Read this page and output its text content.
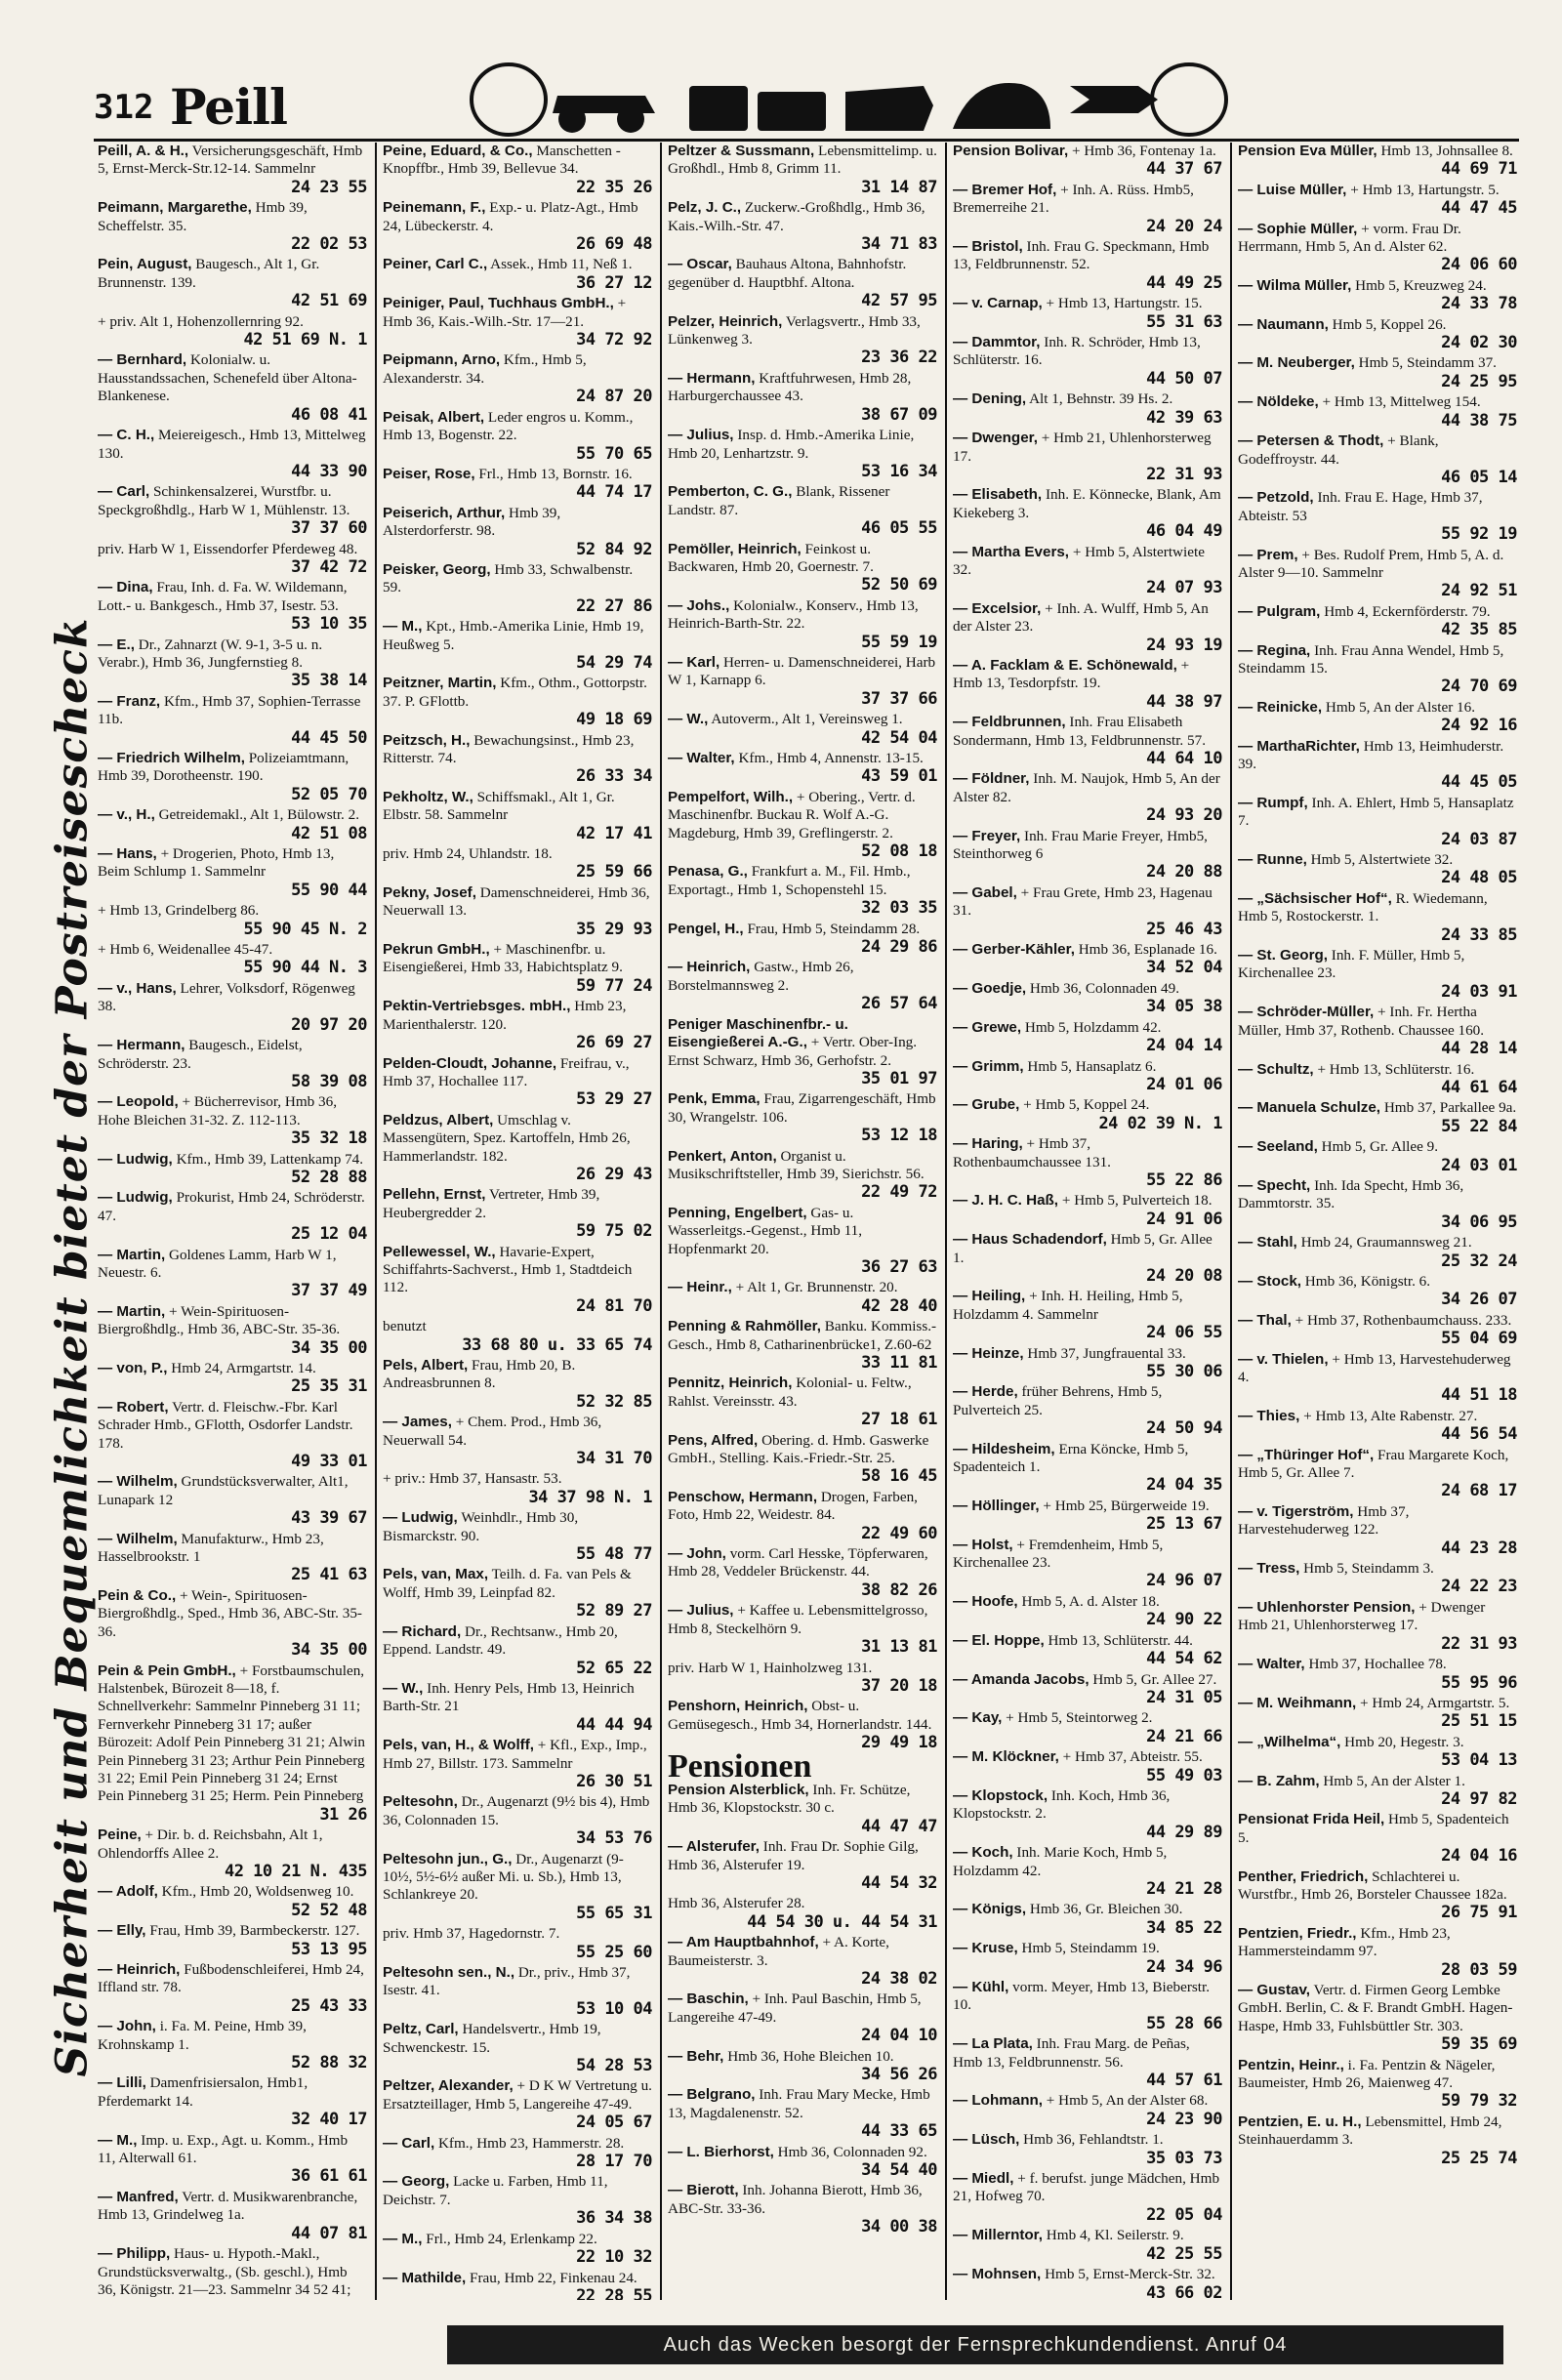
312 Peill
Sicherheit und Bequemlichkeit bietet der Postreisescheck
Peill, A. & H., Versicherungsgeschäft, Hmb 5, Ernst-Merck-Str.12-14. Sammelnr
24 23 55
Peimann, Margarethe, Hmb 39, Scheffelstr. 35.
22 02 53
Pein, August, Baugesch., Alt 1, Gr. Brunnenstr. 139.
42 51 69
+ priv. Alt 1, Hohenzollernring 92.
42 51 69 N. 1
— Bernhard, Kolonialw. u. Hausstandssachen, Schenefeld über Altona-Blankenese.
46 08 41
— C. H., Meiereigesch., Hmb 13, Mittelweg 130.
44 33 90
— Carl, Schinkensalzerei, Wurstfbr. u. Speckgroßhdlg., Harb W 1, Mühlenstr. 13.
37 37 60
priv. Harb W 1, Eissendorfer Pferdeweg 48.
37 42 72
— Dina, Frau, Inh. d. Fa. W. Wildemann, Lott.- u. Bankgesch., Hmb 37, Isestr. 53.
53 10 35
— E., Dr., Zahnarzt (W. 9-1, 3-5 u. n. Verabr.), Hmb 36, Jungfernstieg 8.
35 38 14
— Franz, Kfm., Hmb 37, Sophien-Terrasse 11b.
44 45 50
— Friedrich Wilhelm, Polizeiamtmann, Hmb 39, Dorotheenstr. 190.
52 05 70
— v., H., Getreidemakl., Alt 1, Bülowstr. 2.
42 51 08
— Hans, + Drogerien, Photo, Hmb 13, Beim Schlump 1. Sammelnr
55 90 44
+ Hmb 13, Grindelberg 86.
55 90 45 N. 2
+ Hmb 6, Weidenallee 45-47.
55 90 44 N. 3
— v., Hans, Lehrer, Volksdorf, Rögenweg 38.
20 97 20
— Hermann, Baugesch., Eidelst, Schröderstr. 23.
58 39 08
— Leopold, + Bücherrevisor, Hmb 36, Hohe Bleichen 31-32. Z. 112-113.
35 32 18
— Ludwig, Kfm., Hmb 39, Lattenkamp 74.
52 28 88
— Ludwig, Prokurist, Hmb 24, Schröderstr. 47.
25 12 04
— Martin, Goldenes Lamm, Harb W 1, Neuestr. 6.
37 37 49
— Martin, + Wein-Spirituosen-Biergroßhdlg., Hmb 36, ABC-Str. 35-36.
34 35 00
— von, P., Hmb 24, Armgartstr. 14.
25 35 31
— Robert, Vertr. d. Fleischw.-Fbr. Karl Schrader Hmb., GFlotth, Osdorfer Landstr. 178.
49 33 01
— Wilhelm, Grundstücksverwalter, Alt1, Lunapark 12
43 39 67
— Wilhelm, Manufakturw., Hmb 23, Hasselbrookstr. 1
25 41 63
Pein & Co., + Wein-, Spirituosen-Biergroßhdlg., Sped., Hmb 36, ABC-Str. 35-36.
34 35 00
Pein & Pein GmbH., + Forstbaumschulen, Halstenbek, Bürozeit 8—18, f. Schnellverkehr: Sammelnr Pinneberg 31 11; Fernverkehr Pinneberg 31 17; außer Bürozeit: Adolf Pein Pinneberg 31 21; Alwin Pein Pinneberg 31 23; Arthur Pein Pinneberg 31 22; Emil Pein Pinneberg 31 24; Ernst Pein Pinneberg 31 25; Herm. Pein Pinneberg
31 26
Peine, + Dir. b. d. Reichsbahn, Alt 1, Ohlendorffs Allee 2.
42 10 21 N. 435
— Adolf, Kfm., Hmb 20, Woldsenweg 10.
52 52 48
— Elly, Frau, Hmb 39, Barmbeckerstr. 127.
53 13 95
— Heinrich, Fußbodenschleiferei, Hmb 24, Iffland str. 78.
25 43 33
— John, i. Fa. M. Peine, Hmb 39, Krohnskamp 1.
52 88 32
— Lilli, Damenfrisiersalon, Hmb1, Pferdemarkt 14.
32 40 17
— M., Imp. u. Exp., Agt. u. Komm., Hmb 11, Alterwall 61.
36 61 61
— Manfred, Vertr. d. Musikwarenbranche, Hmb 13, Grindelweg 1a.
44 07 81
— Philipp, Haus- u. Hypoth.-Makl., Grundstücksverwaltg., (Sb. geschl.), Hmb 36, Königstr. 21—23. Sammelnr 34 52 41;
Peine, Eduard, & Co., Manschetten - Knopffbr., Hmb 39, Bellevue 34.
22 35 26
Peinemann, F., Exp.- u. Platz-Agt., Hmb 24, Lübeckerstr. 4.
26 69 48
Peiner, Carl C., Assek., Hmb 11, Neß 1.
36 27 12
Peiniger, Paul, Tuchhaus GmbH., + Hmb 36, Kais.-Wilh.-Str. 17—21.
34 72 92
Peipmann, Arno, Kfm., Hmb 5, Alexanderstr. 34.
24 87 20
Peisak, Albert, Leder engros u. Komm., Hmb 13, Bogenstr. 22.
55 70 65
Peiser, Rose, Frl., Hmb 13, Bornstr. 16.
44 74 17
Peiserich, Arthur, Hmb 39, Alsterdorferstr. 98.
52 84 92
Peisker, Georg, Hmb 33, Schwalbenstr. 59.
22 27 86
— M., Kpt., Hmb.-Amerika Linie, Hmb 19, Heußweg 5.
54 29 74
Peitzner, Martin, Kfm., Othm., Gottorpstr. 37. P. GFlottb.
49 18 69
Peitzsch, H., Bewachungsinst., Hmb 23, Ritterstr. 74.
26 33 34
Pekholtz, W., Schiffsmakl., Alt 1, Gr. Elbstr. 58. Sammelnr
42 17 41
priv. Hmb 24, Uhlandstr. 18.
25 59 66
Pekny, Josef, Damenschneiderei, Hmb 36, Neuerwall 13.
35 29 93
Pekrun GmbH., + Maschinenfbr. u. Eisengießerei, Hmb 33, Habichtsplatz 9.
59 77 24
Pektin-Vertriebsges. mbH., Hmb 23, Marienthalerstr. 120.
26 69 27
Pelden-Cloudt, Johanne, Freifrau, v., Hmb 37, Hochallee 117.
53 29 27
Peldzus, Albert, Umschlag v. Massengütern, Spez. Kartoffeln, Hmb 26, Hammerlandstr. 182.
26 29 43
Pellehn, Ernst, Vertreter, Hmb 39, Heubergredder 2.
59 75 02
Pellewessel, W., Havarie-Expert, Schiffahrts-Sachverst., Hmb 1, Stadtdeich 112.
24 81 70
benutzt
33 68 80 u. 33 65 74
Pels, Albert, Frau, Hmb 20, B. Andreasbrunnen 8.
52 32 85
— James, + Chem. Prod., Hmb 36, Neuerwall 54.
34 31 70
+ priv.: Hmb 37, Hansastr. 53.
34 37 98 N. 1
— Ludwig, Weinhdlr., Hmb 30, Bismarckstr. 90.
55 48 77
Pels, van, Max, Teilh. d. Fa. van Pels & Wolff, Hmb 39, Leinpfad 82.
52 89 27
— Richard, Dr., Rechtsanw., Hmb 20, Eppend. Landstr. 49.
52 65 22
— W., Inh. Henry Pels, Hmb 13, Heinrich Barth-Str. 21
44 44 94
Pels, van, H., & Wolff, + Kfl., Exp., Imp., Hmb 27, Billstr. 173. Sammelnr
26 30 51
Peltesohn, Dr., Augenarzt (9½ bis 4), Hmb 36, Colonnaden 15.
34 53 76
Peltesohn jun., G., Dr., Augenarzt (9-10½, 5½-6½ außer Mi. u. Sb.), Hmb 13, Schlankreye 20.
55 65 31
priv. Hmb 37, Hagedornstr. 7.
55 25 60
Peltesohn sen., N., Dr., priv., Hmb 37, Isestr. 41.
53 10 04
Peltz, Carl, Handelsvertr., Hmb 19, Schwenckestr. 15.
54 28 53
Peltzer, Alexander, + D K W Vertretung u. Ersatzteillager, Hmb 5, Langereihe 47-49.
24 05 67
— Carl, Kfm., Hmb 23, Hammerstr. 28.
28 17 70
— Georg, Lacke u. Farben, Hmb 11, Deichstr. 7.
36 34 38
— M., Frl., Hmb 24, Erlenkamp 22.
22 10 32
— Mathilde, Frau, Hmb 22, Finkenau 24.
22 28 55
Peltzer & Sussmann, Lebensmittelimp. u. Großhdl., Hmb 8, Grimm 11.
31 14 87
Pelz, J. C., Zuckerw.-Großhdlg., Hmb 36, Kais.-Wilh.-Str. 47.
34 71 83
— Oscar, Bauhaus Altona, Bahnhofstr. gegenüber d. Hauptbhf. Altona.
42 57 95
Pelzer, Heinrich, Verlagsvertr., Hmb 33, Lünkenweg 3.
23 36 22
— Hermann, Kraftfuhrwesen, Hmb 28, Harburgerchaussee 43.
38 67 09
— Julius, Insp. d. Hmb.-Amerika Linie, Hmb 20, Lenhartzstr. 9.
53 16 34
Pemberton, C. G., Blank, Rissener Landstr. 87.
46 05 55
Pemöller, Heinrich, Feinkost u. Backwaren, Hmb 20, Goernestr. 7.
52 50 69
— Johs., Kolonialw., Konserv., Hmb 13, Heinrich-Barth-Str. 22.
55 59 19
— Karl, Herren- u. Damenschneiderei, Harb W 1, Karnapp 6.
37 37 66
— W., Autoverm., Alt 1, Vereinsweg 1.
42 54 04
— Walter, Kfm., Hmb 4, Annenstr. 13-15.
43 59 01
Pempelfort, Wilh., + Obering., Vertr. d. Maschinenfbr. Buckau R. Wolf A.-G. Magdeburg, Hmb 39, Greflingerstr. 2.
52 08 18
Penasa, G., Frankfurt a. M., Fil. Hmb., Exportagt., Hmb 1, Schopenstehl 15.
32 03 35
Pengel, H., Frau, Hmb 5, Steindamm 28.
24 29 86
— Heinrich, Gastw., Hmb 26, Borstelmannsweg 2.
26 57 64
Peniger Maschinenfbr.- u. Eisengießerei A.-G., + Vertr. Ober-Ing. Ernst Schwarz, Hmb 36, Gerhofstr. 2.
35 01 97
Penk, Emma, Frau, Zigarrengeschäft, Hmb 30, Wrangelstr. 106.
53 12 18
Penkert, Anton, Organist u. Musikschriftsteller, Hmb 39, Sierichstr. 56.
22 49 72
Penning, Engelbert, Gas- u. Wasserleitgs.-Gegenst., Hmb 11, Hopfenmarkt 20.
36 27 63
— Heinr., + Alt 1, Gr. Brunnenstr. 20.
42 28 40
Penning & Rahmöller, Banku. Kommiss.-Gesch., Hmb 8, Catharinenbrücke1, Z.60-62
33 11 81
Pennitz, Heinrich, Kolonial- u. Feltw., Rahlst. Vereinsstr. 43.
27 18 61
Pens, Alfred, Obering. d. Hmb. Gaswerke GmbH., Stelling. Kais.-Friedr.-Str. 25.
58 16 45
Penschow, Hermann, Drogen, Farben, Foto, Hmb 22, Weidestr. 84.
22 49 60
— John, vorm. Carl Hesske, Töpferwaren, Hmb 28, Veddeler Brückenstr. 44.
38 82 26
— Julius, + Kaffee u. Lebensmittelgrosso, Hmb 8, Steckelhörn 9.
31 13 81
priv. Harb W 1, Hainholzweg 131.
37 20 18
Penshorn, Heinrich, Obst- u. Gemüsegesch., Hmb 34, Hornerlandstr. 144.
29 49 18
Pensionen
Pension Alsterblick, Inh. Fr. Schütze, Hmb 36, Klopstockstr. 30 c.
44 47 47
— Alsterufer, Inh. Frau Dr. Sophie Gilg, Hmb 36, Alsterufer 19.
44 54 32
Hmb 36, Alsterufer 28.
44 54 30 u. 44 54 31
— Am Hauptbahnhof, + A. Korte, Baumeisterstr. 3.
24 38 02
— Baschin, + Inh. Paul Baschin, Hmb 5, Langereihe 47-49.
24 04 10
— Behr, Hmb 36, Hohe Bleichen 10.
34 56 26
— Belgrano, Inh. Frau Mary Mecke, Hmb 13, Magdalenenstr. 52.
44 33 65
— L. Bierhorst, Hmb 36, Colonnaden 92.
34 54 40
— Bierott, Inh. Johanna Bierott, Hmb 36, ABC-Str. 33-36.
34 00 38
Pension Bolivar, + Hmb 36, Fontenay 1a.
44 37 67
— Bremer Hof, + Inh. A. Rüss. Hmb5, Bremerreihe 21.
24 20 24
— Bristol, Inh. Frau G. Speckmann, Hmb 13, Feldbrunnenstr. 52.
44 49 25
— v. Carnap, + Hmb 13, Hartungstr. 15.
55 31 63
— Dammtor, Inh. R. Schröder, Hmb 13, Schlüterstr. 16.
44 50 07
— Dening, Alt 1, Behnstr. 39 Hs. 2.
42 39 63
— Dwenger, + Hmb 21, Uhlenhorsterweg 17.
22 31 93
— Elisabeth, Inh. E. Könnecke, Blank, Am Kiekeberg 3.
46 04 49
— Martha Evers, + Hmb 5, Alstertwiete 32.
24 07 93
— Excelsior, + Inh. A. Wulff, Hmb 5, An der Alster 23.
24 93 19
— A. Facklam & E. Schönewald, + Hmb 13, Tesdorpfstr. 19.
44 38 97
— Feldbrunnen, Inh. Frau Elisabeth Sondermann, Hmb 13, Feldbrunnenstr. 57.
44 64 10
— Földner, Inh. M. Naujok, Hmb 5, An der Alster 82.
24 93 20
— Freyer, Inh. Frau Marie Freyer, Hmb5, Steinthorweg 6
24 20 88
— Gabel, + Frau Grete, Hmb 23, Hagenau 31.
25 46 43
— Gerber-Kähler, Hmb 36, Esplanade 16.
34 52 04
— Goedje, Hmb 36, Colonnaden 49.
34 05 38
— Grewe, Hmb 5, Holzdamm 42.
24 04 14
— Grimm, Hmb 5, Hansaplatz 6.
24 01 06
— Grube, + Hmb 5, Koppel 24.
24 02 39 N. 1
— Haring, + Hmb 37, Rothenbaumchaussee 131.
55 22 86
— J. H. C. Haß, + Hmb 5, Pulverteich 18.
24 91 06
— Haus Schadendorf, Hmb 5, Gr. Allee 1.
24 20 08
— Heiling, + Inh. H. Heiling, Hmb 5, Holzdamm 4. Sammelnr
24 06 55
— Heinze, Hmb 37, Jungfrauental 33.
55 30 06
— Herde, früher Behrens, Hmb 5, Pulverteich 25.
24 50 94
— Hildesheim, Erna Köncke, Hmb 5, Spadenteich 1.
24 04 35
— Höllinger, + Hmb 25, Bürgerweide 19.
25 13 67
— Holst, + Fremdenheim, Hmb 5, Kirchenallee 23.
24 96 07
— Hoofe, Hmb 5, A. d. Alster 18.
24 90 22
— El. Hoppe, Hmb 13, Schlüterstr. 44.
44 54 62
— Amanda Jacobs, Hmb 5, Gr. Allee 27.
24 31 05
— Kay, + Hmb 5, Steintorweg 2.
24 21 66
— M. Klöckner, + Hmb 37, Abteistr. 55.
55 49 03
— Klopstock, Inh. Koch, Hmb 36, Klopstockstr. 2.
44 29 89
— Koch, Inh. Marie Koch, Hmb 5, Holzdamm 42.
24 21 28
— Königs, Hmb 36, Gr. Bleichen 30.
34 85 22
— Kruse, Hmb 5, Steindamm 19.
24 34 96
— Kühl, vorm. Meyer, Hmb 13, Bieberstr. 10.
55 28 66
— La Plata, Inh. Frau Marg. de Peñas, Hmb 13, Feldbrunnenstr. 56.
44 57 61
— Lohmann, + Hmb 5, An der Alster 68.
24 23 90
— Lüsch, Hmb 36, Fehlandtstr. 1.
35 03 73
— Miedl, + f. berufst. junge Mädchen, Hmb 21, Hofweg 70.
22 05 04
— Millerntor, Hmb 4, Kl. Seilerstr. 9.
42 25 55
— Mohnsen, Hmb 5, Ernst-Merck-Str. 32.
43 66 02
Pension Eva Müller, Hmb 13, Johnsallee 8.
44 69 71
— Luise Müller, + Hmb 13, Hartungstr. 5.
44 47 45
— Sophie Müller, + vorm. Frau Dr. Herrmann, Hmb 5, An d. Alster 62.
24 06 60
— Wilma Müller, Hmb 5, Kreuzweg 24.
24 33 78
— Naumann, Hmb 5, Koppel 26.
24 02 30
— M. Neuberger, Hmb 5, Steindamm 37.
24 25 95
— Nöldeke, + Hmb 13, Mittelweg 154.
44 38 75
— Petersen & Thodt, + Blank, Godeffroystr. 44.
46 05 14
— Petzold, Inh. Frau E. Hage, Hmb 37, Abteistr. 53
55 92 19
— Prem, + Bes. Rudolf Prem, Hmb 5, A. d. Alster 9—10. Sammelnr
24 92 51
— Pulgram, Hmb 4, Eckernförderstr. 79.
42 35 85
— Regina, Inh. Frau Anna Wendel, Hmb 5, Steindamm 15.
24 70 69
— Reinicke, Hmb 5, An der Alster 16.
24 92 16
— MarthaRichter, Hmb 13, Heimhuderstr. 39.
44 45 05
— Rumpf, Inh. A. Ehlert, Hmb 5, Hansaplatz 7.
24 03 87
— Runne, Hmb 5, Alstertwiete 32.
24 48 05
— „Sächsischer Hof“, R. Wiedemann, Hmb 5, Rostockerstr. 1.
24 33 85
— St. Georg, Inh. F. Müller, Hmb 5, Kirchenallee 23.
24 03 91
— Schröder-Müller, + Inh. Fr. Hertha Müller, Hmb 37, Rothenb. Chaussee 160.
44 28 14
— Schultz, + Hmb 13, Schlüterstr. 16.
44 61 64
— Manuela Schulze, Hmb 37, Parkallee 9a.
55 22 84
— Seeland, Hmb 5, Gr. Allee 9.
24 03 01
— Specht, Inh. Ida Specht, Hmb 36, Dammtorstr. 35.
34 06 95
— Stahl, Hmb 24, Graumannsweg 21.
25 32 24
— Stock, Hmb 36, Königstr. 6.
34 26 07
— Thal, + Hmb 37, Rothenbaumchauss. 233.
55 04 69
— v. Thielen, + Hmb 13, Harvestehuderweg 4.
44 51 18
— Thies, + Hmb 13, Alte Rabenstr. 27.
44 56 54
— „Thüringer Hof“, Frau Margarete Koch, Hmb 5, Gr. Allee 7.
24 68 17
— v. Tigerström, Hmb 37, Harvestehuderweg 122.
44 23 28
— Tress, Hmb 5, Steindamm 3.
24 22 23
— Uhlenhorster Pension, + Dwenger Hmb 21, Uhlenhorsterweg 17.
22 31 93
— Walter, Hmb 37, Hochallee 78.
55 95 96
— M. Weihmann, + Hmb 24, Armgartstr. 5.
25 51 15
— „Wilhelma“, Hmb 20, Hegestr. 3.
53 04 13
— B. Zahm, Hmb 5, An der Alster 1.
24 97 82
Pensionat Frida Heil, Hmb 5, Spadenteich 5.
24 04 16
Penther, Friedrich, Schlachterei u. Wurstfbr., Hmb 26, Borsteler Chaussee 182a.
26 75 91
Pentzien, Friedr., Kfm., Hmb 23, Hammersteindamm 97.
28 03 59
— Gustav, Vertr. d. Firmen Georg Lembke GmbH. Berlin, C. & F. Brandt GmbH. Hagen-Haspe, Hmb 33, Fuhlsbüttler Str. 303.
59 35 69
Pentzin, Heinr., i. Fa. Pentzin & Nägeler, Baumeister, Hmb 26, Maienweg 47.
59 79 32
Pentzien, E. u. H., Lebensmittel, Hmb 24, Steinhauerdamm 3.
25 25 74
Auch das Wecken besorgt der Fernsprechkundendienst. Anruf 04
